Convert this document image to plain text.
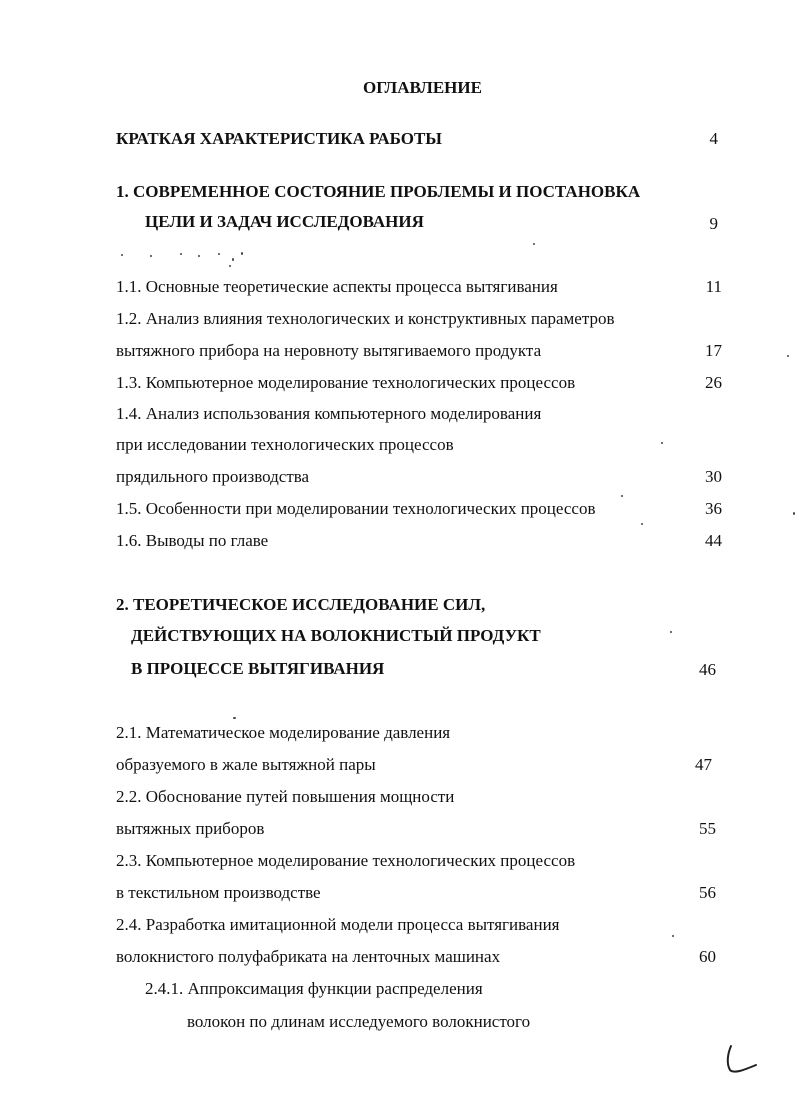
ОГЛАВЛЕНИЕ
КРАТКАЯ ХАРАКТЕРИСТИКА РАБОТЫ	4
1. СОВРЕМЕННОЕ СОСТОЯНИЕ ПРОБЛЕМЫ И ПОСТАНОВКА
ЦЕЛИ И ЗАДАЧ ИССЛЕДОВАНИЯ	9
1.1. Основные теоретические аспекты процесса вытягивания	11
1.2. Анализ влияния технологических и конструктивных параметров
вытяжного прибора на неровноту вытягиваемого продукта	17
1.3. Компьютерное моделирование технологических процессов	26
1.4. Анализ использования компьютерного моделирования
при исследовании технологических процессов
прядильного производства	30
1.5. Особенности при моделировании технологических процессов	36
1.6. Выводы по главе	44
2. ТЕОРЕТИЧЕСКОЕ ИССЛЕДОВАНИЕ СИЛ,
ДЕЙСТВУЮЩИХ НА ВОЛОКНИСТЫЙ ПРОДУКТ
В ПРОЦЕССЕ ВЫТЯГИВАНИЯ	46
2.1. Математическое моделирование давления
образуемого в жале вытяжной пары	47
2.2. Обоснование путей повышения мощности
вытяжных приборов	55
2.3. Компьютерное моделирование технологических процессов
в текстильном производстве	56
2.4. Разработка имитационной модели процесса вытягивания
волокнистого полуфабриката на ленточных машинах	60
2.4.1. Аппроксимация функции распределения
волокон по длинам исследуемого волокнистого
